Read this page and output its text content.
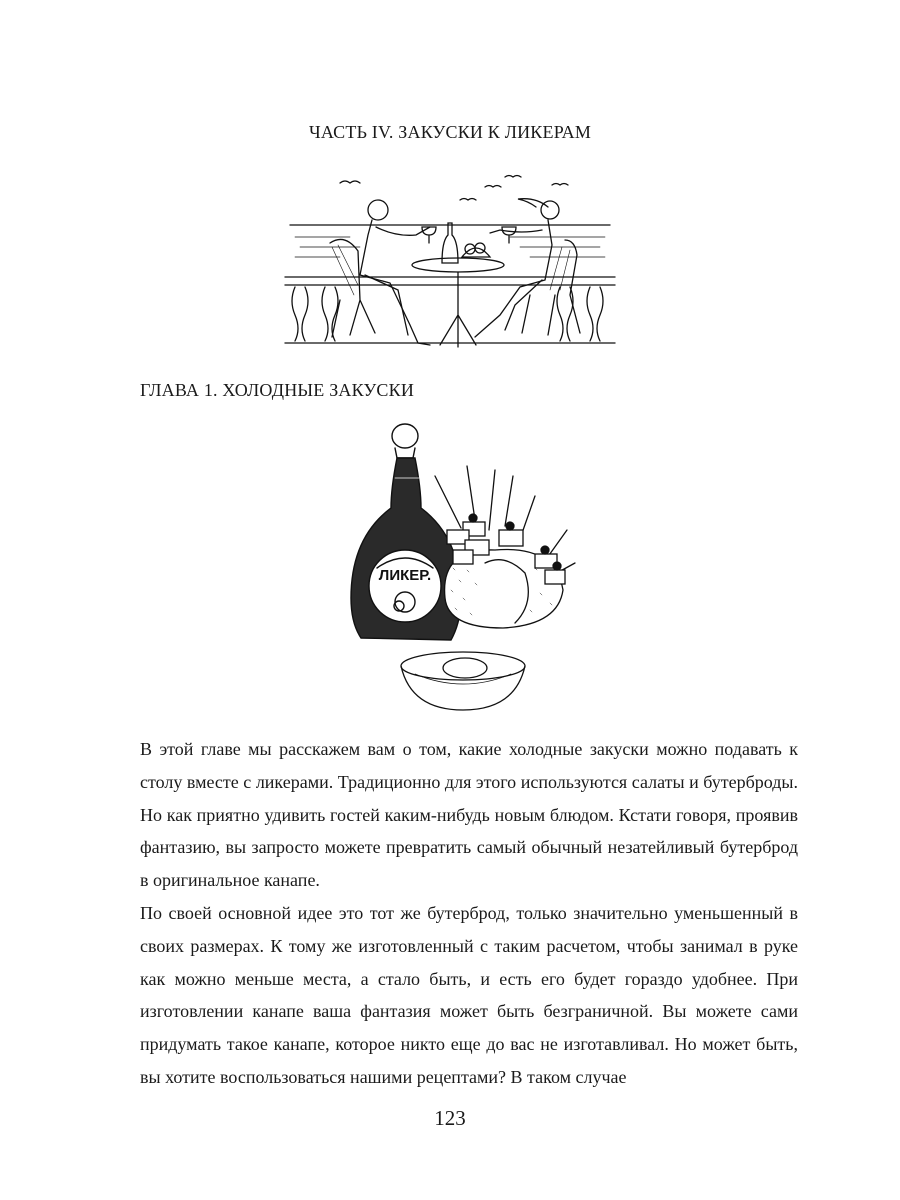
ЧАСТЬ IV. ЗАКУСКИ К ЛИКЕРАМ
ГЛАВА 1. ХОЛОДНЫЕ ЗАКУСКИ
ЛИКЕР.

В этой главе мы расскажем вам о том, какие холодные закуски можно подавать к столу вместе с ликерами. Традиционно для этого используются салаты и бутерброды. Но как приятно удивить гостей каким-нибудь новым блюдом. Кстати говоря, проявив фантазию, вы запросто можете превратить самый обычный незатейливый бутерброд в оригинальное канапе.

По своей основной идее это тот же бутерброд, только значительно уменьшенный в своих размерах. К тому же изготовленный с таким расчетом, чтобы занимал в руке как можно меньше места, а стало быть, и есть его будет гораздо удобнее. При изготовлении канапе ваша фантазия может быть безграничной. Вы можете сами придумать такое канапе, которое никто еще до вас не изготавливал. Но может быть, вы хотите воспользоваться нашими рецептами? В таком случае

123
